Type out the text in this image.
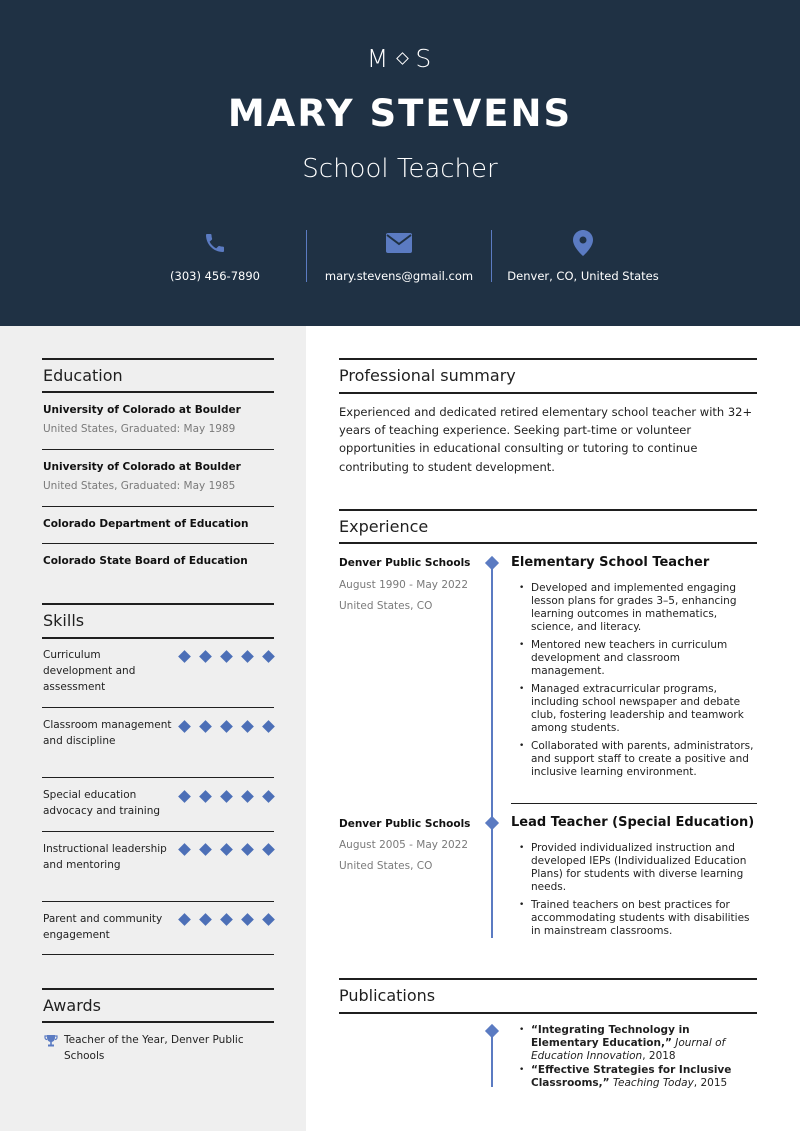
M S
MARY STEVENS
School Teacher
(303) 456-7890	mary.stevens@gmail.com	Denver, CO, United States
Education
University of Colorado at Boulder
United States, Graduated: May 1989
University of Colorado at Boulder
United States, Graduated: May 1985
Colorado Department of Education
Colorado State Board of Education
Skills
Curriculum development and assessment
Classroom management and discipline
Special education advocacy and training
Instructional leadership and mentoring
Parent and community engagement
Awards
Teacher of the Year, Denver Public Schools
Professional summary
Experienced and dedicated retired elementary school teacher with 32+ years of teaching experience. Seeking part-time or volunteer opportunities in educational consulting or tutoring to continue contributing to student development.
Experience
Denver Public Schools
August 1990 - May 2022
United States, CO
Elementary School Teacher
• Developed and implemented engaging lesson plans for grades 3–5, enhancing learning outcomes in mathematics, science, and literacy.
• Mentored new teachers in curriculum development and classroom management.
• Managed extracurricular programs, including school newspaper and debate club, fostering leadership and teamwork among students.
• Collaborated with parents, administrators, and support staff to create a positive and inclusive learning environment.
Denver Public Schools
August 2005 - May 2022
United States, CO
Lead Teacher (Special Education)
• Provided individualized instruction and developed IEPs (Individualized Education Plans) for students with diverse learning needs.
• Trained teachers on best practices for accommodating students with disabilities in mainstream classrooms.
Publications
• “Integrating Technology in Elementary Education,” Journal of Education Innovation, 2018
• “Effective Strategies for Inclusive Classrooms,” Teaching Today, 2015
